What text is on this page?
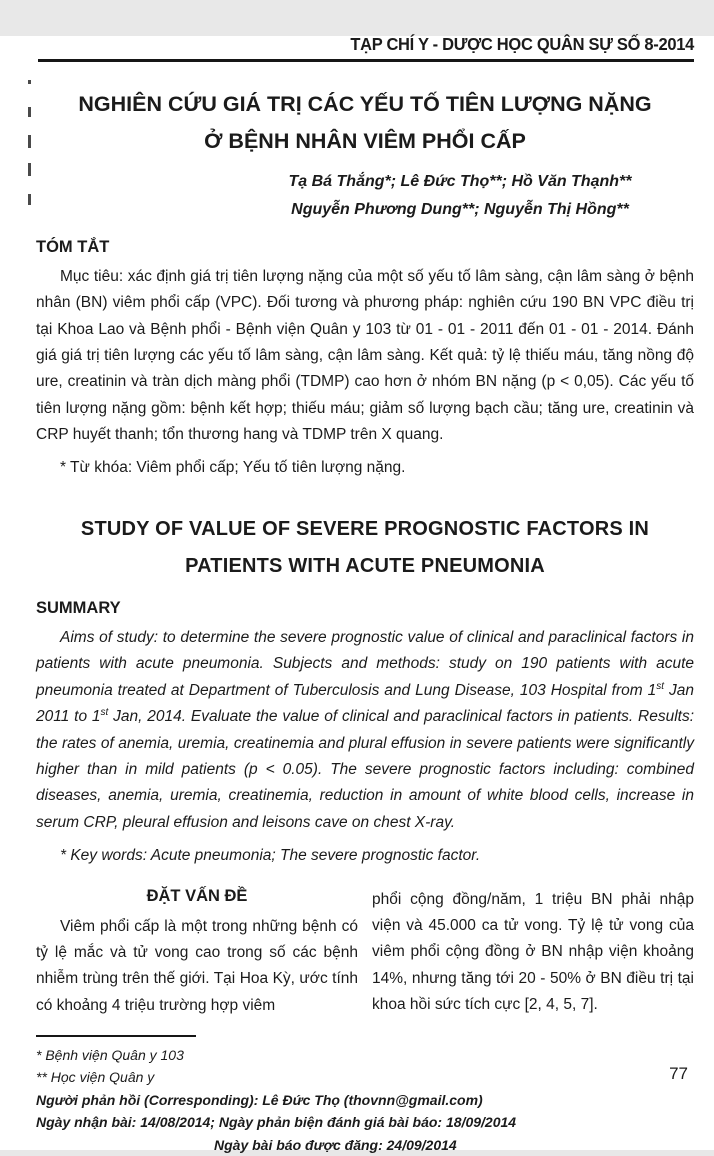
TẠP CHÍ Y - DƯỢC HỌC QUÂN SỰ SỐ 8-2014
NGHIÊN CỨU GIÁ TRỊ CÁC YẾU TỐ TIÊN LƯỢNG NẶNG
Ở BỆNH NHÂN VIÊM PHỔI CẤP
Tạ Bá Thắng*; Lê Đức Thọ**; Hồ Văn Thạnh**
Nguyễn Phương Dung**; Nguyễn Thị Hồng**
TÓM TẮT

Mục tiêu: xác định giá trị tiên lượng nặng của một số yếu tố lâm sàng, cận lâm sàng ở bệnh nhân (BN) viêm phổi cấp (VPC). Đối tương và phương pháp: nghiên cứu 190 BN VPC điều trị tại Khoa Lao và Bệnh phổi - Bệnh viện Quân y 103 từ 01 - 01 - 2011 đến 01 - 01 - 2014. Đánh giá giá trị tiên lượng các yếu tố lâm sàng, cận lâm sàng. Kết quả: tỷ lệ thiếu máu, tăng nồng độ ure, creatinin và tràn dịch màng phổi (TDMP) cao hơn ở nhóm BN nặng (p < 0,05). Các yếu tố tiên lượng nặng gồm: bệnh kết hợp; thiếu máu; giảm số lượng bạch cầu; tăng ure, creatinin và CRP huyết thanh; tổn thương hang và TDMP trên X quang.

* Từ khóa: Viêm phổi cấp; Yếu tố tiên lượng nặng.

STUDY OF VALUE OF SEVERE PROGNOSTIC FACTORS IN
PATIENTS WITH ACUTE PNEUMONIA
SUMMARY

Aims of study: to determine the severe prognostic value of clinical and paraclinical factors in patients with acute pneumonia. Subjects and methods: study on 190 patients with acute pneumonia treated at Department of Tuberculosis and Lung Disease, 103 Hospital from 1st Jan 2011 to 1st Jan, 2014. Evaluate the value of clinical and paraclinical factors in patients. Results: the rates of anemia, uremia, creatinemia and plural effusion in severe patients were significantly higher than in mild patients (p < 0.05). The severe prognostic factors including: combined diseases, anemia, uremia, creatinemia, reduction in amount of white blood cells, increase in serum CRP, pleural effusion and leisons cave on chest X-ray.

* Key words: Acute pneumonia; The severe prognostic factor.

ĐẶT VẤN ĐỀ

Viêm phổi cấp là một trong những bệnh có tỷ lệ mắc và tử vong cao trong số các bệnh nhiễm trùng trên thế giới. Tại Hoa Kỳ, ước tính có khoảng 4 triệu trường hợp viêm

phổi cộng đồng/năm, 1 triệu BN phải nhập viện và 45.000 ca tử vong. Tỷ lệ tử vong của viêm phổi cộng đồng ở BN nhập viện khoảng 14%, nhưng tăng tới 20 - 50% ở BN điều trị tại khoa hồi sức tích cực [2, 4, 5, 7].

* Bệnh viện Quân y 103
** Học viện Quân y
Người phản hồi (Corresponding): Lê Đức Thọ (thovnn@gmail.com)
Ngày nhận bài: 14/08/2014; Ngày phản biện đánh giá bài báo: 18/09/2014
Ngày bài báo được đăng: 24/09/2014
77
